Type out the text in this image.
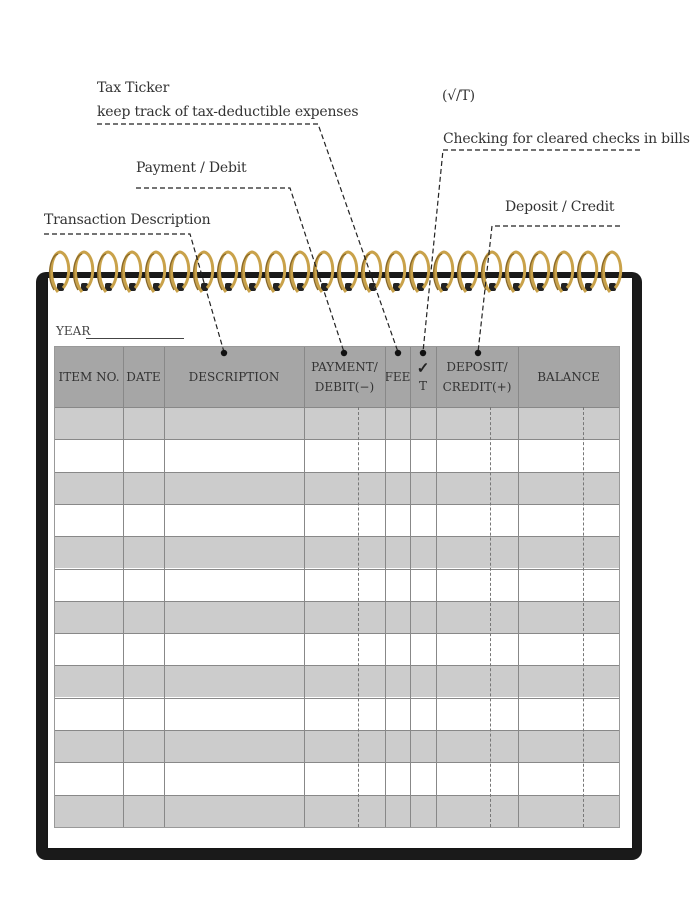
Tax Ticker
keep track of tax-deductible expenses
(√/T)
Checking for cleared checks in bills
Payment / Debit
Deposit / Credit
Transaction Description
YEAR
ITEM NO. DATE	DESCRIPTION
PAYMENT/
DEBIT(−)
FEE ✓
T
DEPOSIT/
CREDIT(+)
BALANCE
